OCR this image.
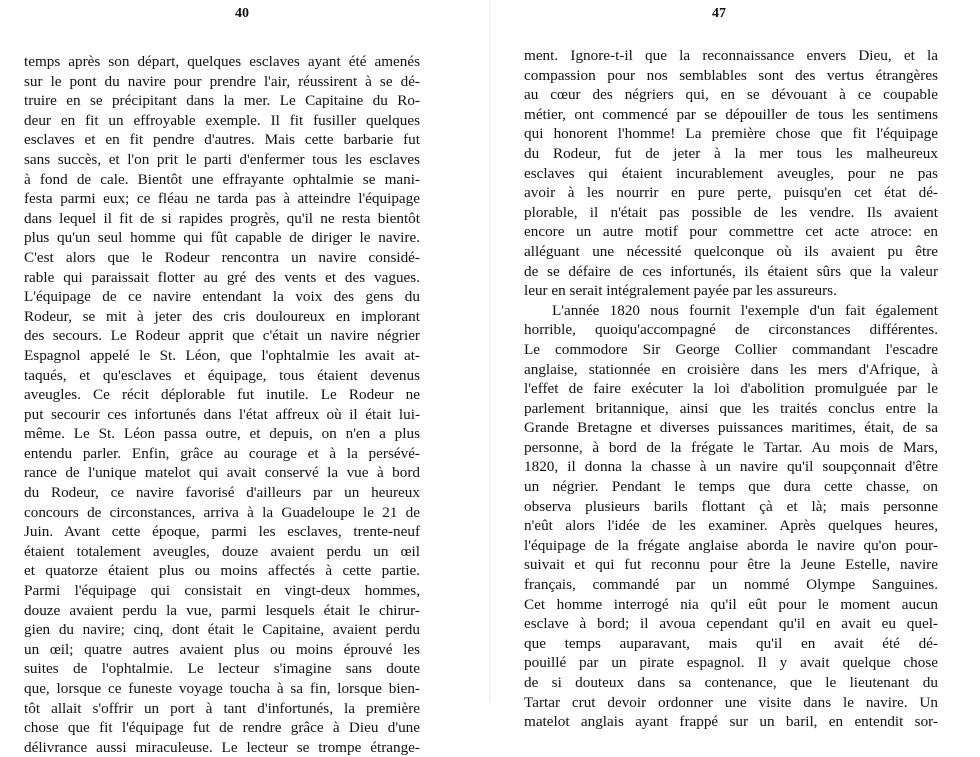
40
temps après son départ, quelques esclaves ayant été amenés
sur le pont du navire pour prendre l'air, réussirent à se dé-
truire en se précipitant dans la mer. Le Capitaine du Ro-
deur en fit un effroyable exemple. Il fit fusiller quelques
esclaves et en fit pendre d'autres. Mais cette barbarie fut
sans succès, et l'on prit le parti d'enfermer tous les esclaves
à fond de cale. Bientôt une effrayante ophtalmie se mani-
festa parmi eux; ce fléau ne tarda pas à atteindre l'équipage
dans lequel il fit de si rapides progrès, qu'il ne resta bientôt
plus qu'un seul homme qui fût capable de diriger le navire.
C'est alors que le Rodeur rencontra un navire considé-
rable qui paraissait flotter au gré des vents et des vagues.
L'équipage de ce navire entendant la voix des gens du
Rodeur, se mit à jeter des cris douloureux en implorant
des secours. Le Rodeur apprit que c'était un navire négrier
Espagnol appelé le St. Léon, que l'ophtalmie les avait at-
taqués, et qu'esclaves et équipage, tous étaient devenus
aveugles. Ce récit déplorable fut inutile. Le Rodeur ne
put secourir ces infortunés dans l'état affreux où il était lui-
même. Le St. Léon passa outre, et depuis, on n'en a plus
entendu parler. Enfin, grâce au courage et à la persévé-
rance de l'unique matelot qui avait conservé la vue à bord
du Rodeur, ce navire favorisé d'ailleurs par un heureux
concours de circonstances, arriva à la Guadeloupe le 21 de
Juin. Avant cette époque, parmi les esclaves, trente-neuf
étaient totalement aveugles, douze avaient perdu un œil
et quatorze étaient plus ou moins affectés à cette partie.
Parmi l'équipage qui consistait en vingt-deux hommes,
douze avaient perdu la vue, parmi lesquels était le chirur-
gien du navire; cinq, dont était le Capitaine, avaient perdu
un œil; quatre autres avaient plus ou moins éprouvé les
suites de l'ophtalmie. Le lecteur s'imagine sans doute
que, lorsque ce funeste voyage toucha à sa fin, lorsque bien-
tôt allait s'offrir un port à tant d'infortunés, la première
chose que fit l'équipage fut de rendre grâce à Dieu d'une
délivrance aussi miraculeuse. Le lecteur se trompe étrange-
47
ment. Ignore-t-il que la reconnaissance envers Dieu, et la
compassion pour nos semblables sont des vertus étrangères
au cœur des négriers qui, en se dévouant à ce coupable
métier, ont commencé par se dépouiller de tous les sentimens
qui honorent l'homme! La première chose que fit l'équipage
du Rodeur, fut de jeter à la mer tous les malheureux
esclaves qui étaient incurablement aveugles, pour ne pas
avoir à les nourrir en pure perte, puisqu'en cet état dé-
plorable, il n'était pas possible de les vendre. Ils avaient
encore un autre motif pour commettre cet acte atroce: en
alléguant une nécessité quelconque où ils avaient pu être
de se défaire de ces infortunés, ils étaient sûrs que la valeur
leur en serait intégralement payée par les assureurs.
L'année 1820 nous fournit l'exemple d'un fait également
horrible, quoiqu'accompagné de circonstances différentes.
Le commodore Sir George Collier commandant l'escadre
anglaise, stationnée en croisière dans les mers d'Afrique, à
l'effet de faire exécuter la loi d'abolition promulguée par le
parlement britannique, ainsi que les traités conclus entre la
Grande Bretagne et diverses puissances maritimes, était, de sa
personne, à bord de la frégate le Tartar. Au mois de Mars,
1820, il donna la chasse à un navire qu'il soupçonnait d'être
un négrier. Pendant le temps que dura cette chasse, on
observa plusieurs barils flottant çà et là; mais personne
n'eût alors l'idée de les examiner. Après quelques heures,
l'équipage de la frégate anglaise aborda le navire qu'on pour-
suivait et qui fut reconnu pour être la Jeune Estelle, navire
français, commandé par un nommé Olympe Sanguines.
Cet homme interrogé nia qu'il eût pour le moment aucun
esclave à bord; il avoua cependant qu'il en avait eu quel-
que temps auparavant, mais qu'il en avait été dé-
pouillé par un pirate espagnol. Il y avait quelque chose
de si douteux dans sa contenance, que le lieutenant du
Tartar crut devoir ordonner une visite dans le navire. Un
matelot anglais ayant frappé sur un baril, en entendit sor-
